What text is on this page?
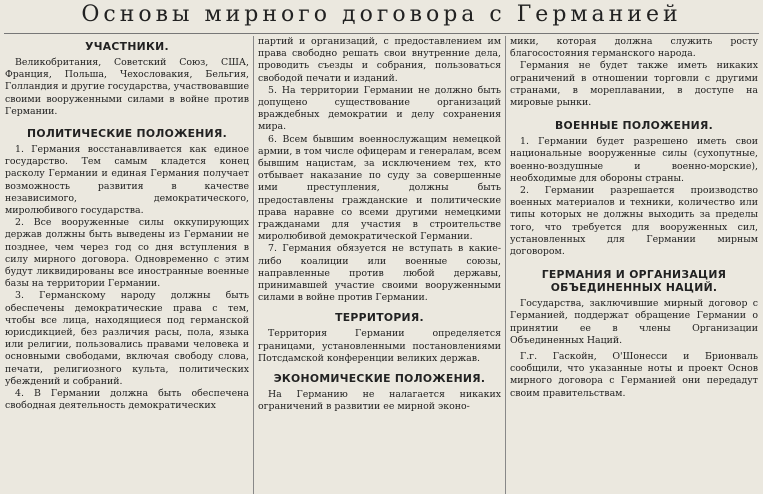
Основы мирного договора с Германией
УЧАСТНИКИ.

Великобритания, Советский Союз, США, Франция, Польша, Чехословакия, Бельгия, Голландия и другие государства, участвовавшие своими вооруженными силами в войне против Германии.

ПОЛИТИЧЕСКИЕ ПОЛОЖЕНИЯ.

1. Германия восстанавливается как единое государство. Тем самым кладется конец расколу Германии и единая Германия получает возможность развития в качестве независимого, демократического, миролюбивого государства.

2. Все вооруженные силы оккупирующих держав должны быть выведены из Германии не позднее, чем через год со дня вступления в силу мирного договора. Одновременно с этим будут ликвидированы все иностранные военные базы на территории Германии.

3. Германскому народу должны быть обеспечены демократические права с тем, чтобы все лица, находящиеся под германской юрисдикцией, без различия расы, пола, языка или религии, пользовались правами человека и основными свободами, включая свободу слова, печати, религиозного культа, политических убеждений и собраний.

4. В Германии должна быть обеспечена свободная деятельность демократических

партий и организаций, с предоставлением им права свободно решать свои внутренние дела, проводить съезды и собрания, пользоваться свободой печати и изданий.

5. На территории Германии не должно быть допущено существование организаций враждебных демократии и делу сохранения мира.

6. Всем бывшим военнослужащим немецкой армии, в том числе офицерам и генералам, всем бывшим нацистам, за исключением тех, кто отбывает наказание по суду за совершенные ими преступления, должны быть предоставлены гражданские и политические права наравне со всеми другими немецкими гражданами для участия в строительстве миролюбивой демократической Германии.

7. Германия обязуется не вступать в какие-либо коалиции или военные союзы, направленные против любой державы, принимавшей участие своими вооруженными силами в войне против Германии.

ТЕРРИТОРИЯ.

Территория Германии определяется границами, установленными постановлениями Потсдамской конференции великих держав.

ЭКОНОМИЧЕСКИЕ ПОЛОЖЕНИЯ.

На Германию не налагается никаких ограничений в развитии ее мирной эконо-

мики, которая должна служить росту благосостояния германского народа.

Германия не будет также иметь никаких ограничений в отношении торговли с другими странами, в мореплавании, в доступе на мировые рынки.

ВОЕННЫЕ ПОЛОЖЕНИЯ.

1. Германии будет разрешено иметь свои национальные вооруженные силы (сухопутные, военно-воздушные и военно-морские), необходимые для обороны страны.

2. Германии разрешается производство военных материалов и техники, количество или типы которых не должны выходить за пределы того, что требуется для вооруженных сил, установленных для Германии мирным договором.

ГЕРМАНИЯ И ОРГАНИЗАЦИЯ ОБЪЕДИНЕННЫХ НАЦИЙ.

Государства, заключившие мирный договор с Германией, поддержат обращение Германии о принятии ее в члены Организации Объединенных Наций.

Г.г. Гаскойн, О'Шонесси и Брионваль сообщили, что указанные ноты и проект Основ мирного договора с Германией они передадут своим правительствам.
